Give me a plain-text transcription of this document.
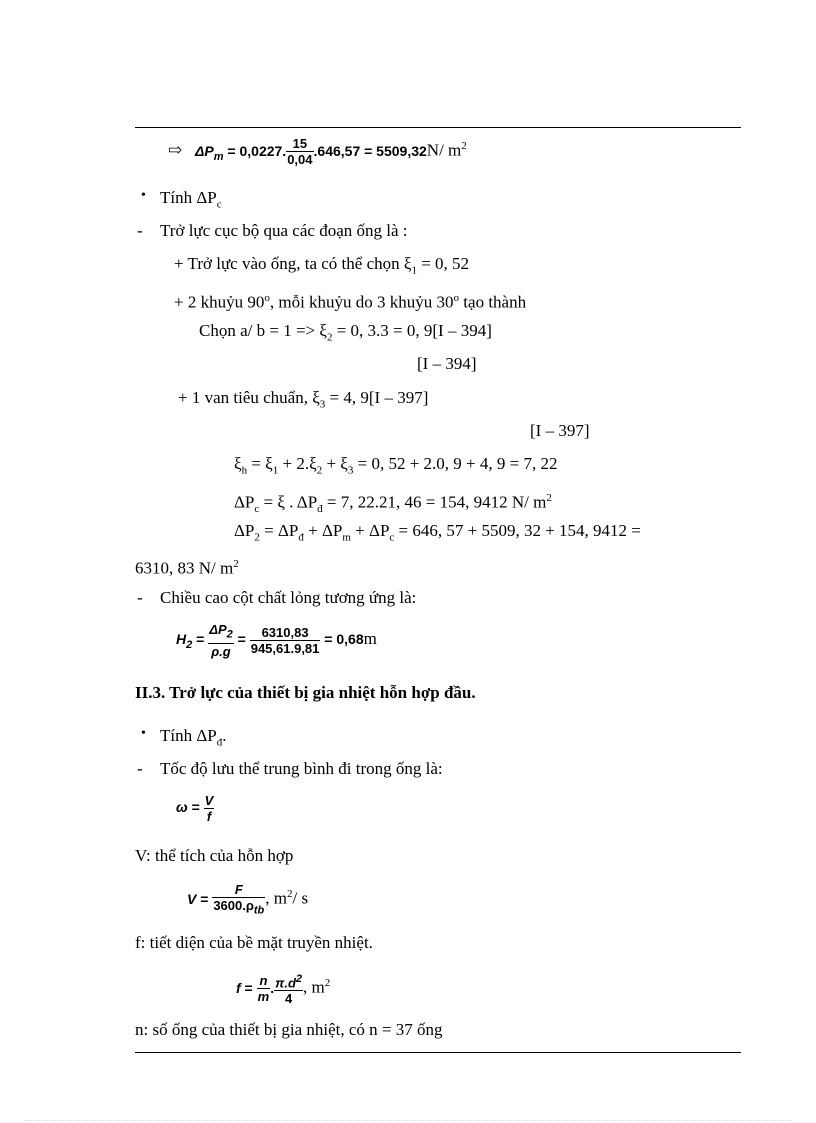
⇨ $\Delta P_m = 0,0227$. $\frac{15}{0,04} .646,57 = 5509,32N/$ $m^2$
• Tính $\Delta P_c$
- Trở lực cục bộ qua các đoạn ống là :
+ Trở lực vào ống, ta có thể chọn $\xi_1 = 0$, 52
+ 2 khuỷu 90$^o$, mỗi khuỷu do 3 khuỷu 30$^o$ tạo thành
Chọn a/ $b = 1 => \xi_2 = 0$, 3.3 = 0, 9[I – 394]
[I – 394]
+ 1 van tiêu chuẩn, $\xi_3 = 4$, 9[I – 397]
[I – 397]
$\xi_h = \xi_1 + 2.\xi_2 + \xi_3 = 0$, 52 + 2.0, 9 + 4, 9 = 7, 22
$\Delta P_c = \xi$ . $\Delta P_đ = 7$, 22.21, 46 = 154, 9412 N/ $m^2$
$\Delta P_2 = \Delta P_đ + \Delta P_m + \Delta P_c = 646$, 57 + 5509, 32 + 154, 9412 =
6310, 83 N/ $m^2$
- Chiều cao cột chất lỏng tương ứng là:
$H_2 = \frac{\Delta P_2}{\rho.g} = \frac{6310,83}{945,61.9,81} = 0,68m$
II.3. Trở lực của thiết bị gia nhiệt hỗn hợp đầu.
• Tính $\Delta P_đ$.
- Tốc độ lưu thể trung bình đi trong ống là:
$\omega = \frac{V}{f}$
V: thể tích của hỗn hợp
$V = \frac{F}{3600.\rho_{tb}}$ , $m^2/$ s
f: tiết diện của bề mặt truyền nhiệt.
$f = \frac{n}{m}$ . $\frac{\pi.d^2}{4}$ , $m^2$
n: số ống của thiết bị gia nhiệt, có n = 37 ống
